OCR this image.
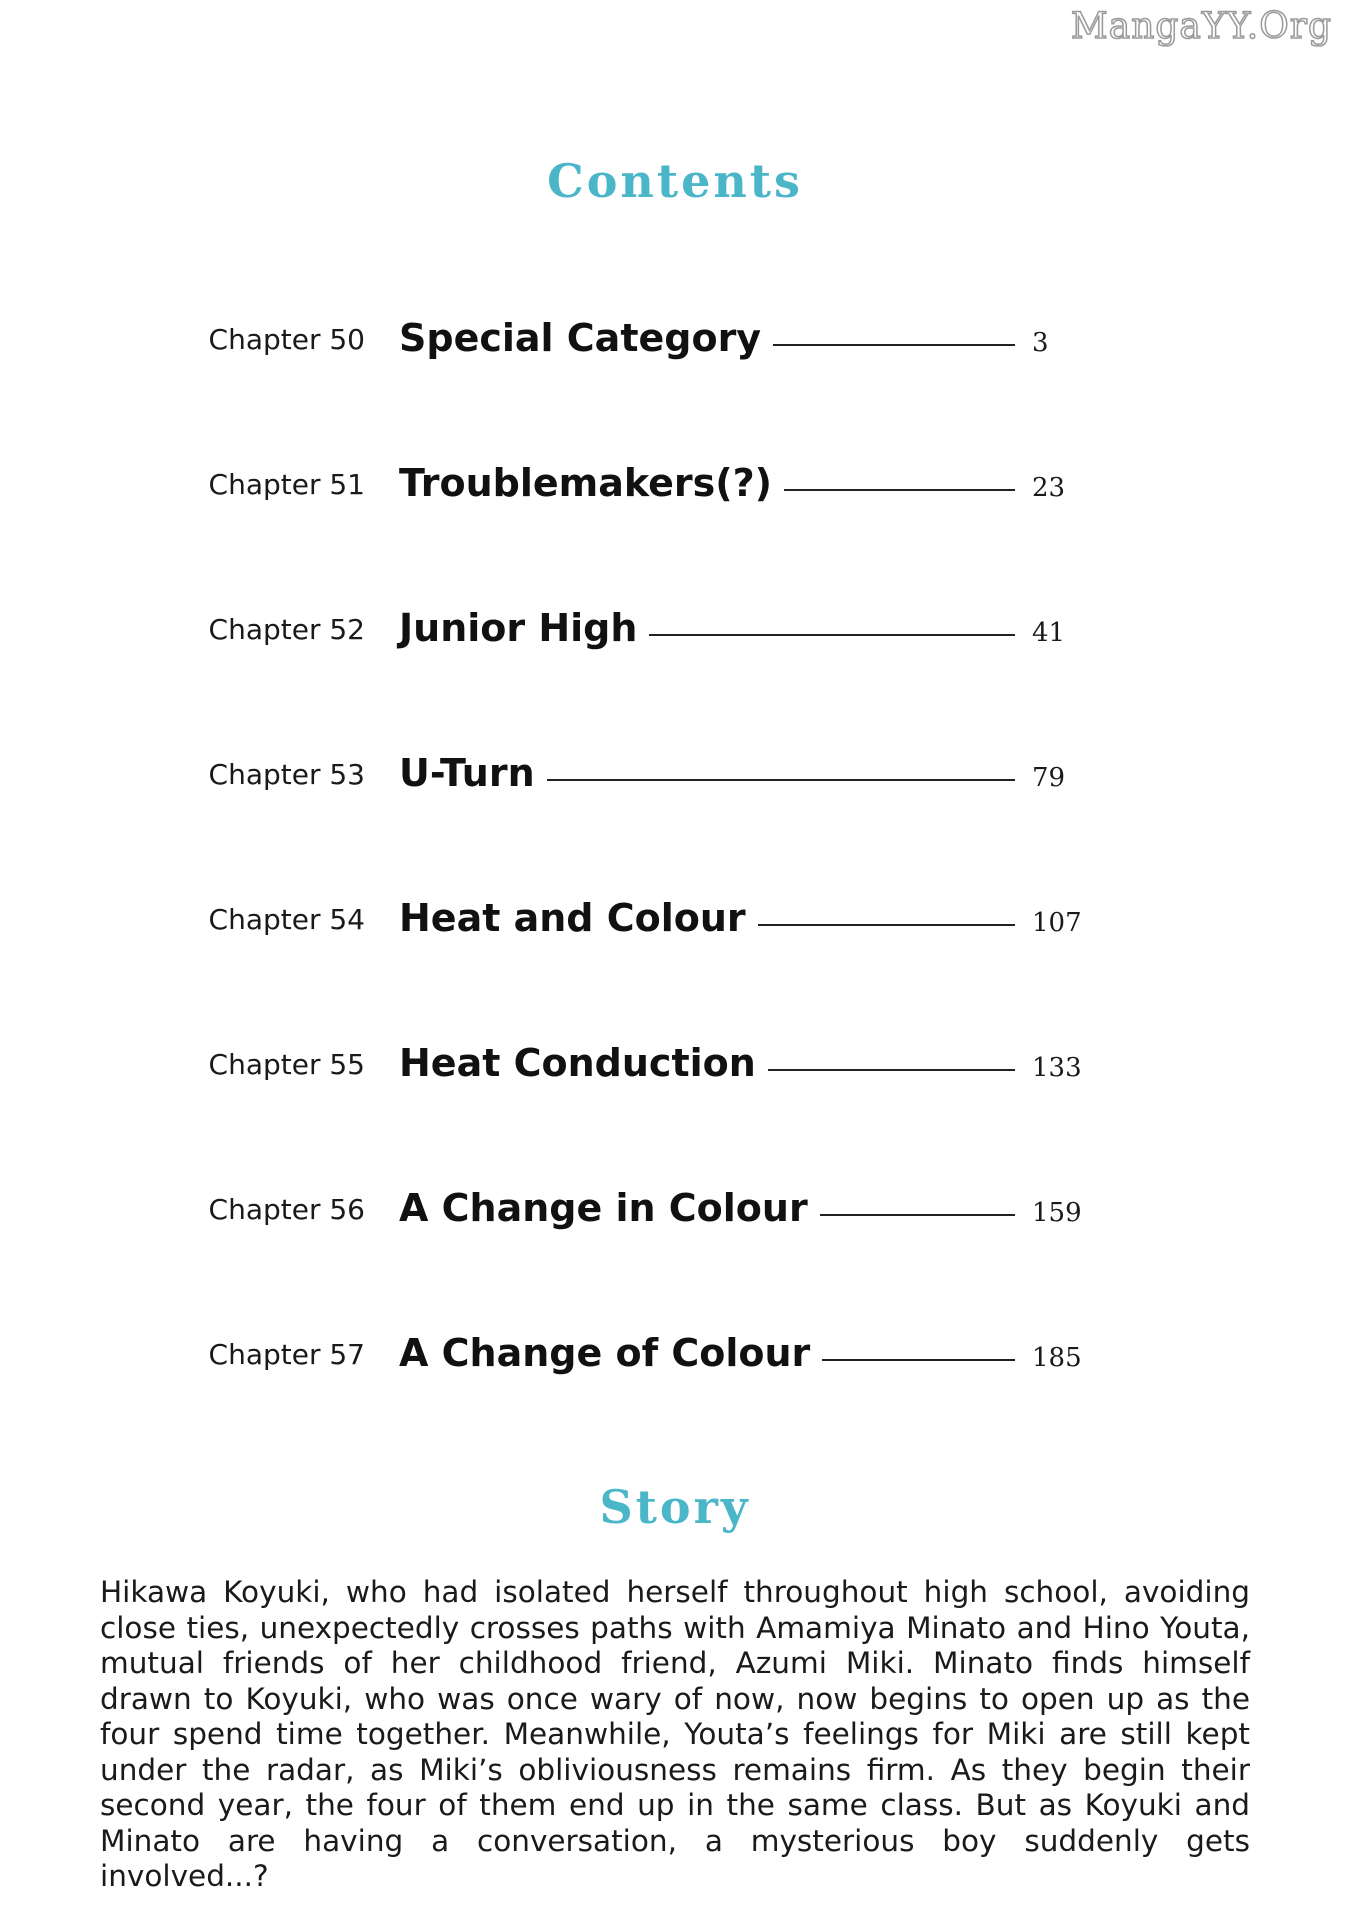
MangaYY.Org
Contents
Chapter 50 Special Category	3
Chapter 51 Troublemakers(?)	23
Chapter 52 Junior High	41
Chapter 53 U-Turn	79
Chapter 54 Heat and Colour	107
Chapter 55 Heat Conduction	133
Chapter 56 A Change in Colour	159
Chapter 57 A Change of Colour	185
Story

Hikawa Koyuki, who had isolated herself throughout high school, avoiding close ties, unexpectedly crosses paths with Amamiya Minato and Hino Youta, mutual friends of her childhood friend, Azumi Miki. Minato finds himself drawn to Koyuki, who was once wary of now, now begins to open up as the four spend time together. Meanwhile, Youta’s feelings for Miki are still kept under the radar, as Miki’s obliviousness remains firm. As they begin their second year, the four of them end up in the same class. But as Koyuki and Minato are having a conversation, a mysterious boy suddenly gets involved...?
